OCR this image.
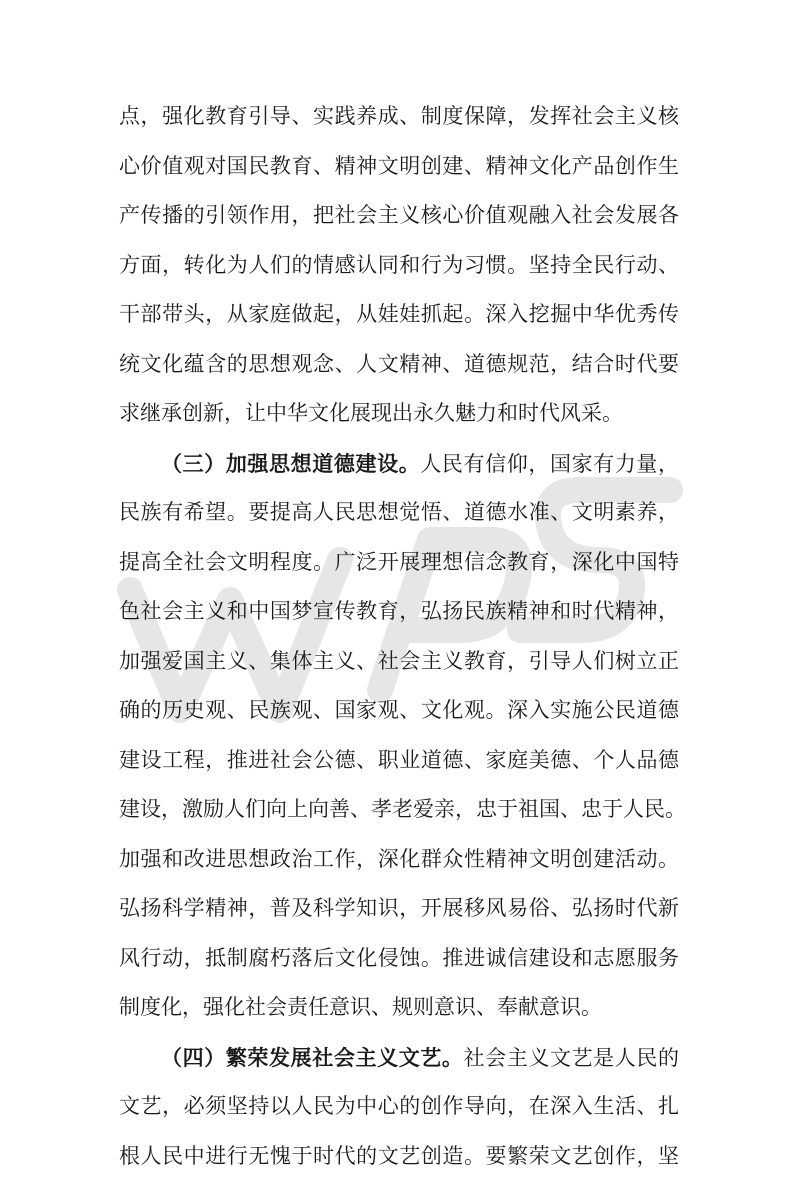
点，强化教育引导、实践养成、制度保障，发挥社会主义核
心价值观对国民教育、精神文明创建、精神文化产品创作生
产传播的引领作用，把社会主义核心价值观融入社会发展各
方面，转化为人们的情感认同和行为习惯。坚持全民行动、
干部带头，从家庭做起，从娃娃抓起。深入挖掘中华优秀传
统文化蕴含的思想观念、人文精神、道德规范，结合时代要
求继承创新，让中华文化展现出永久魅力和时代风采。
（三）加强思想道德建设。人民有信仰，国家有力量，
民族有希望。要提高人民思想觉悟、道德水准、文明素养，
提高全社会文明程度。广泛开展理想信念教育，深化中国特
色社会主义和中国梦宣传教育，弘扬民族精神和时代精神，
加强爱国主义、集体主义、社会主义教育，引导人们树立正
确的历史观、民族观、国家观、文化观。深入实施公民道德
建设工程，推进社会公德、职业道德、家庭美德、个人品德
建设，激励人们向上向善、孝老爱亲，忠于祖国、忠于人民。
加强和改进思想政治工作，深化群众性精神文明创建活动。
弘扬科学精神，普及科学知识，开展移风易俗、弘扬时代新
风行动，抵制腐朽落后文化侵蚀。推进诚信建设和志愿服务
制度化，强化社会责任意识、规则意识、奉献意识。
（四）繁荣发展社会主义文艺。社会主义文艺是人民的
文艺，必须坚持以人民为中心的创作导向，在深入生活、扎
根人民中进行无愧于时代的文艺创造。要繁荣文艺创作，坚
